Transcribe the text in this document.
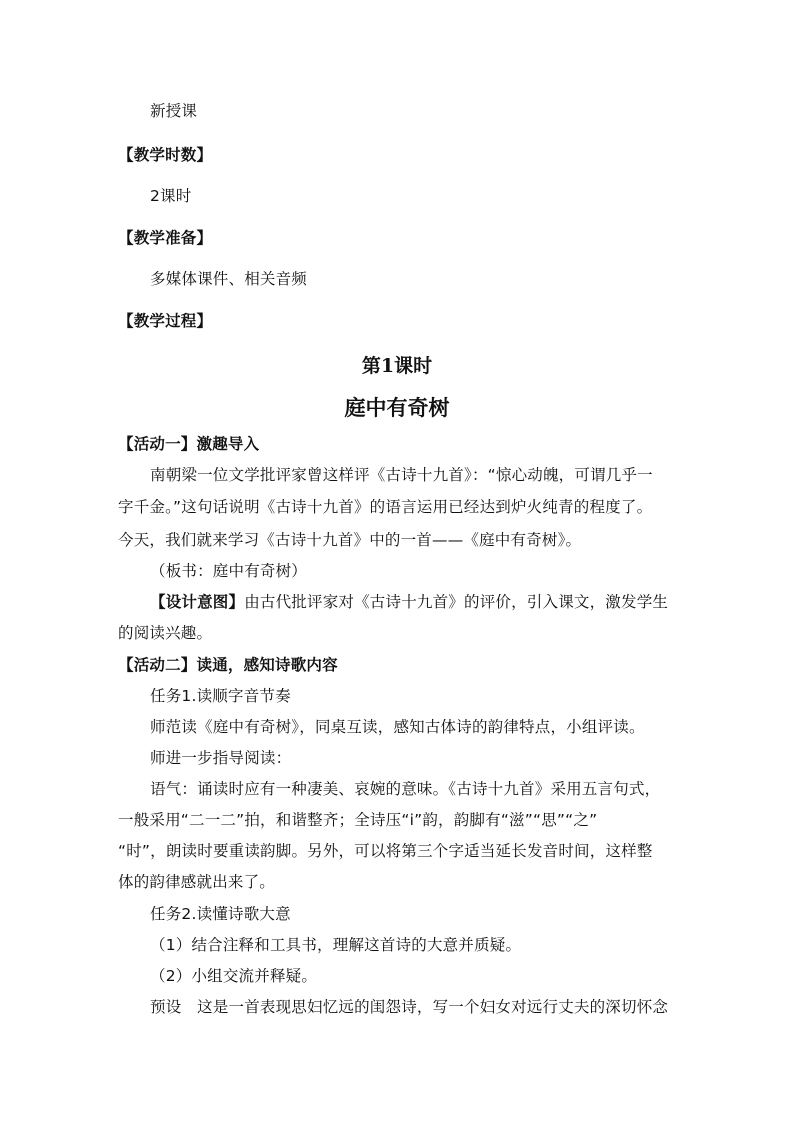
新授课
【教学时数】
2课时
【教学准备】
多媒体课件、相关音频
【教学过程】
第1课时
庭中有奇树
【活动一】激趣导入
南朝梁一位文学批评家曾这样评《古诗十九首》：“惊心动魄，可谓几乎一
字千金。”这句话说明《古诗十九首》的语言运用已经达到炉火纯青的程度了。
今天，我们就来学习《古诗十九首》中的一首——《庭中有奇树》。
（板书：庭中有奇树）
【设计意图】由古代批评家对《古诗十九首》的评价，引入课文，激发学生
的阅读兴趣。
【活动二】读通，感知诗歌内容
任务1.读顺字音节奏
师范读《庭中有奇树》，同桌互读，感知古体诗的韵律特点，小组评读。
师进一步指导阅读：
语气：诵读时应有一种凄美、哀婉的意味。《古诗十九首》采用五言句式，
一般采用“二一二”拍，和谐整齐；全诗压“i”韵，韵脚有“滋”“思”“之”
“时”，朗读时要重读韵脚。另外，可以将第三个字适当延长发音时间，这样整
体的韵律感就出来了。
任务2.读懂诗歌大意
（1）结合注释和工具书，理解这首诗的大意并质疑。
（2）小组交流并释疑。
预设　这是一首表现思妇忆远的闺怨诗，写一个妇女对远行丈夫的深切怀念
